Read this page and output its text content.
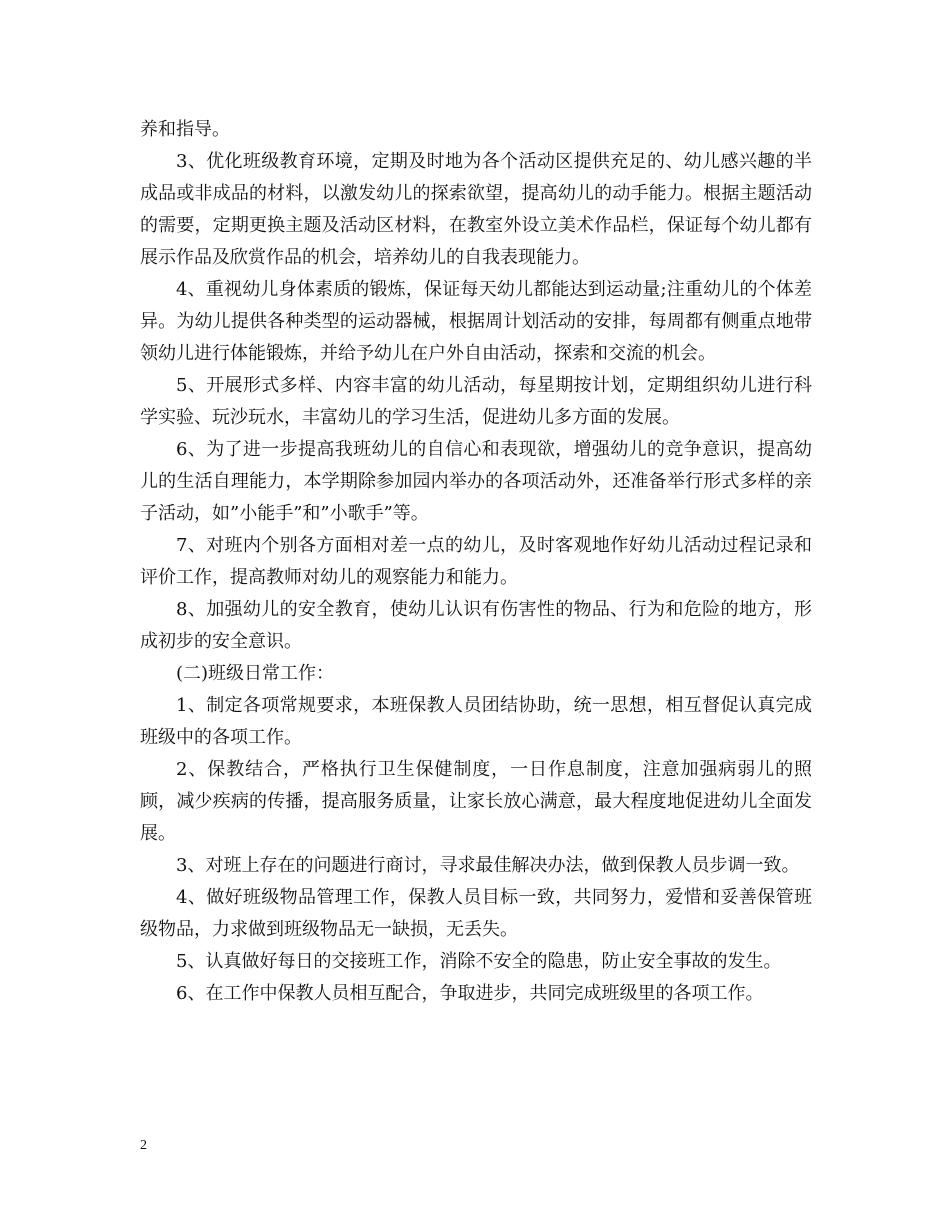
养和指导。

3、优化班级教育环境，定期及时地为各个活动区提供充足的、幼儿感兴趣的半成品或非成品的材料，以激发幼儿的探索欲望，提高幼儿的动手能力。根据主题活动的需要，定期更换主题及活动区材料，在教室外设立美术作品栏，保证每个幼儿都有展示作品及欣赏作品的机会，培养幼儿的自我表现能力。

4、重视幼儿身体素质的锻炼，保证每天幼儿都能达到运动量;注重幼儿的个体差异。为幼儿提供各种类型的运动器械，根据周计划活动的安排，每周都有侧重点地带领幼儿进行体能锻炼，并给予幼儿在户外自由活动，探索和交流的机会。

5、开展形式多样、内容丰富的幼儿活动，每星期按计划，定期组织幼儿进行科学实验、玩沙玩水，丰富幼儿的学习生活，促进幼儿多方面的发展。

6、为了进一步提高我班幼儿的自信心和表现欲，增强幼儿的竞争意识，提高幼儿的生活自理能力，本学期除参加园内举办的各项活动外，还准备举行形式多样的亲子活动，如”小能手”和”小歌手”等。

7、对班内个别各方面相对差一点的幼儿，及时客观地作好幼儿活动过程记录和评价工作，提高教师对幼儿的观察能力和能力。

8、加强幼儿的安全教育，使幼儿认识有伤害性的物品、行为和危险的地方，形成初步的安全意识。

(二)班级日常工作：

1、制定各项常规要求，本班保教人员团结协助，统一思想，相互督促认真完成班级中的各项工作。

2、保教结合，严格执行卫生保健制度，一日作息制度，注意加强病弱儿的照顾，减少疾病的传播，提高服务质量，让家长放心满意，最大程度地促进幼儿全面发展。

3、对班上存在的问题进行商讨，寻求最佳解决办法，做到保教人员步调一致。

4、做好班级物品管理工作，保教人员目标一致，共同努力，爱惜和妥善保管班级物品，力求做到班级物品无一缺损，无丢失。

5、认真做好每日的交接班工作，消除不安全的隐患，防止安全事故的发生。

6、在工作中保教人员相互配合，争取进步，共同完成班级里的各项工作。

2
